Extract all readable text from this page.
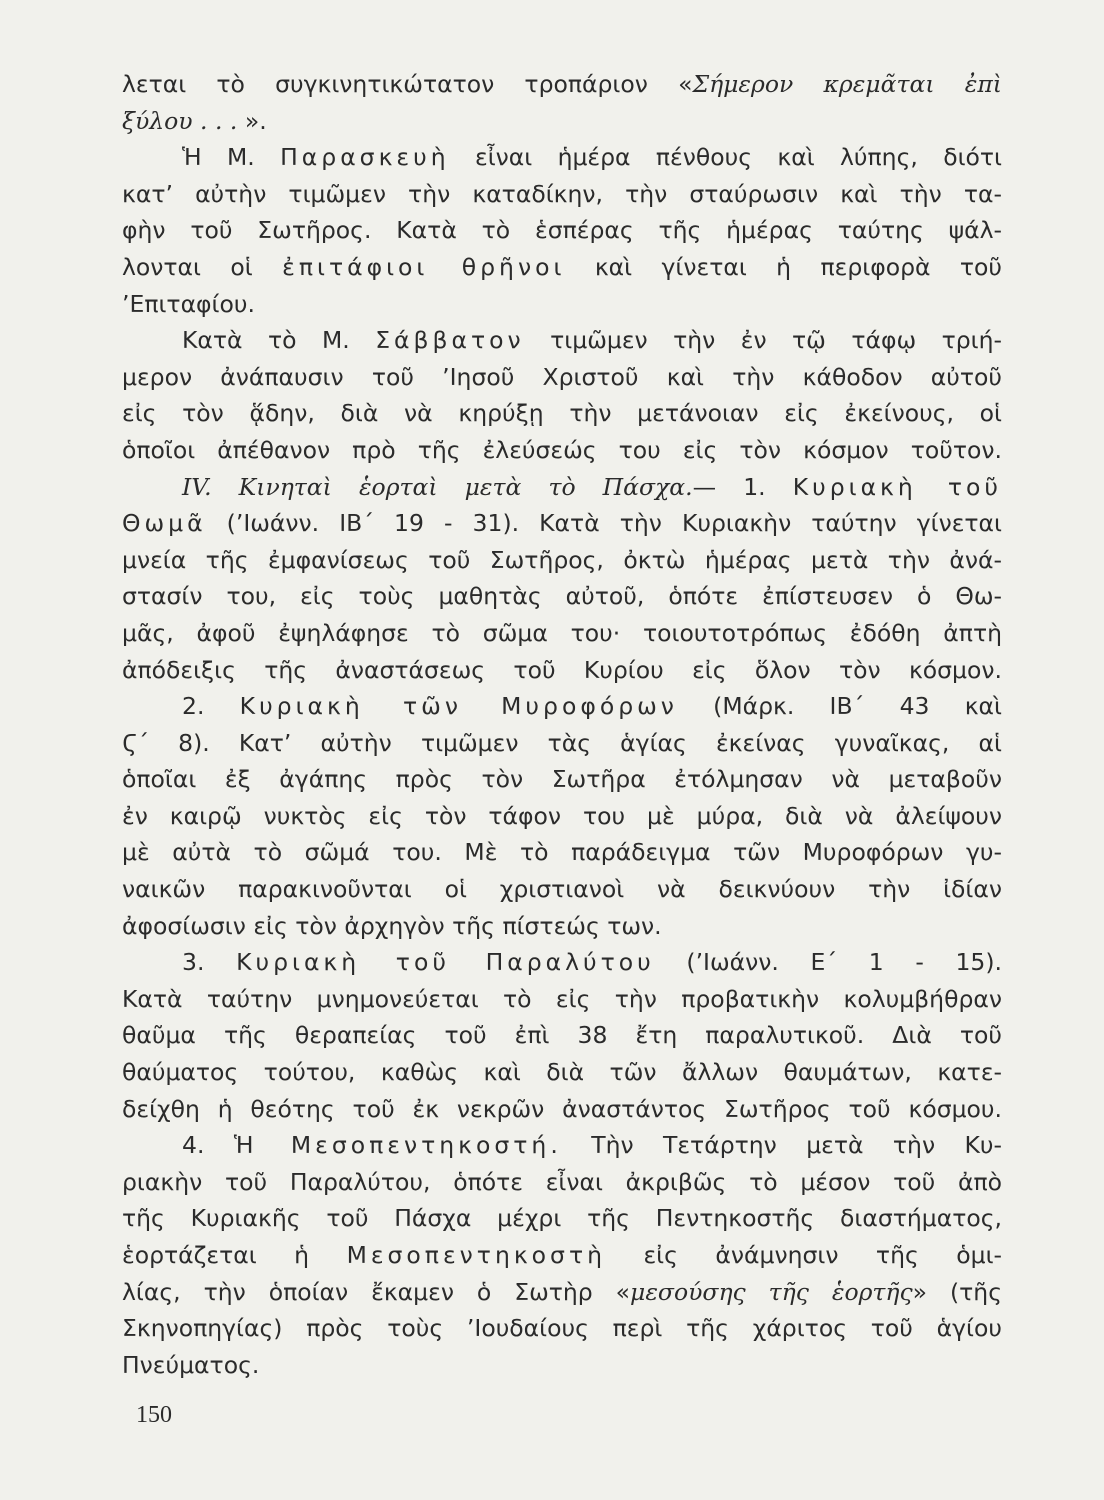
λεται τὸ συγκινητικώτατον τροπάριον «Σήμερον κρεμᾶται ἐπὶ
ξύλου . . . ».
Ἡ Μ. Παρασκευὴ εἶναι ἡμέρα πένθους καὶ λύπης, διότι
κατ’ αὐτὴν τιμῶμεν τὴν καταδίκην, τὴν σταύρωσιν καὶ τὴν τα-
φὴν τοῦ Σωτῆρος. Κατὰ τὸ ἑσπέρας τῆς ἡμέρας ταύτης ψάλ-
λονται οἱ ἐπιτάφιοι θρῆνοι καὶ γίνεται ἡ περιφορὰ τοῦ
’Επιταφίου.
Κατὰ τὸ Μ. Σάββατον τιμῶμεν τὴν ἐν τῷ τάφῳ τριή-
μερον ἀνάπαυσιν τοῦ ’Ιησοῦ Χριστοῦ καὶ τὴν κάθοδον αὐτοῦ
εἰς τὸν ᾅδην, διὰ νὰ κηρύξῃ τὴν μετάνοιαν εἰς ἐκείνους, οἱ
ὁποῖοι ἀπέθανον πρὸ τῆς ἐλεύσεώς του εἰς τὸν κόσμον τοῦτον.
IV. Κινηταὶ ἑορταὶ μετὰ τὸ Πάσχα.— 1. Κυριακὴ τοῦ
Θωμᾶ (’Ιωάνν. ΙΒ΄ 19 - 31). Κατὰ τὴν Κυριακὴν ταύτην γίνεται
μνεία τῆς ἐμφανίσεως τοῦ Σωτῆρος, ὀκτὼ ἡμέρας μετὰ τὴν ἀνά-
στασίν του, εἰς τοὺς μαθητὰς αὐτοῦ, ὁπότε ἐπίστευσεν ὁ Θω-
μᾶς, ἀφοῦ ἐψηλάφησε τὸ σῶμα του· τοιουτοτρόπως ἐδόθη ἀπτὴ
ἀπόδειξις τῆς ἀναστάσεως τοῦ Κυρίου εἰς ὅλον τὸν κόσμον.
2. Κυριακὴ τῶν Μυροφόρων (Μάρκ. ΙΒ΄ 43 καὶ
Ϛ΄ 8). Κατ’ αὐτὴν τιμῶμεν τὰς ἁγίας ἐκείνας γυναῖκας, αἱ
ὁποῖαι ἐξ ἀγάπης πρὸς τὸν Σωτῆρα ἐτόλμησαν νὰ μεταβοῦν
ἐν καιρῷ νυκτὸς εἰς τὸν τάφον του μὲ μύρα, διὰ νὰ ἀλείψουν
μὲ αὐτὰ τὸ σῶμά του. Μὲ τὸ παράδειγμα τῶν Μυροφόρων γυ-
ναικῶν παρακινοῦνται οἱ χριστιανοὶ νὰ δεικνύουν τὴν ἰδίαν
ἀφοσίωσιν εἰς τὸν ἀρχηγὸν τῆς πίστεώς των.
3. Κυριακὴ τοῦ Παραλύτου (’Ιωάνν. Ε΄ 1 - 15).
Κατὰ ταύτην μνημονεύεται τὸ εἰς τὴν προβατικὴν κολυμβήθραν
θαῦμα τῆς θεραπείας τοῦ ἐπὶ 38 ἔτη παραλυτικοῦ. Διὰ τοῦ
θαύματος τούτου, καθὼς καὶ διὰ τῶν ἄλλων θαυμάτων, κατε-
δείχθη ἡ θεότης τοῦ ἐκ νεκρῶν ἀναστάντος Σωτῆρος τοῦ κόσμου.
4. Ἡ Μεσοπεντηκοστή. Τὴν Τετάρτην μετὰ τὴν Κυ-
ριακὴν τοῦ Παραλύτου, ὁπότε εἶναι ἀκριβῶς τὸ μέσον τοῦ ἀπὸ
τῆς Κυριακῆς τοῦ Πάσχα μέχρι τῆς Πεντηκοστῆς διαστήματος,
ἑορτάζεται ἡ Μεσοπεντηκοστὴ εἰς ἀνάμνησιν τῆς ὁμι-
λίας, τὴν ὁποίαν ἔκαμεν ὁ Σωτὴρ «μεσούσης τῆς ἑορτῆς» (τῆς
Σκηνοπηγίας) πρὸς τοὺς ’Ιουδαίους περὶ τῆς χάριτος τοῦ ἁγίου
Πνεύματος.
150
